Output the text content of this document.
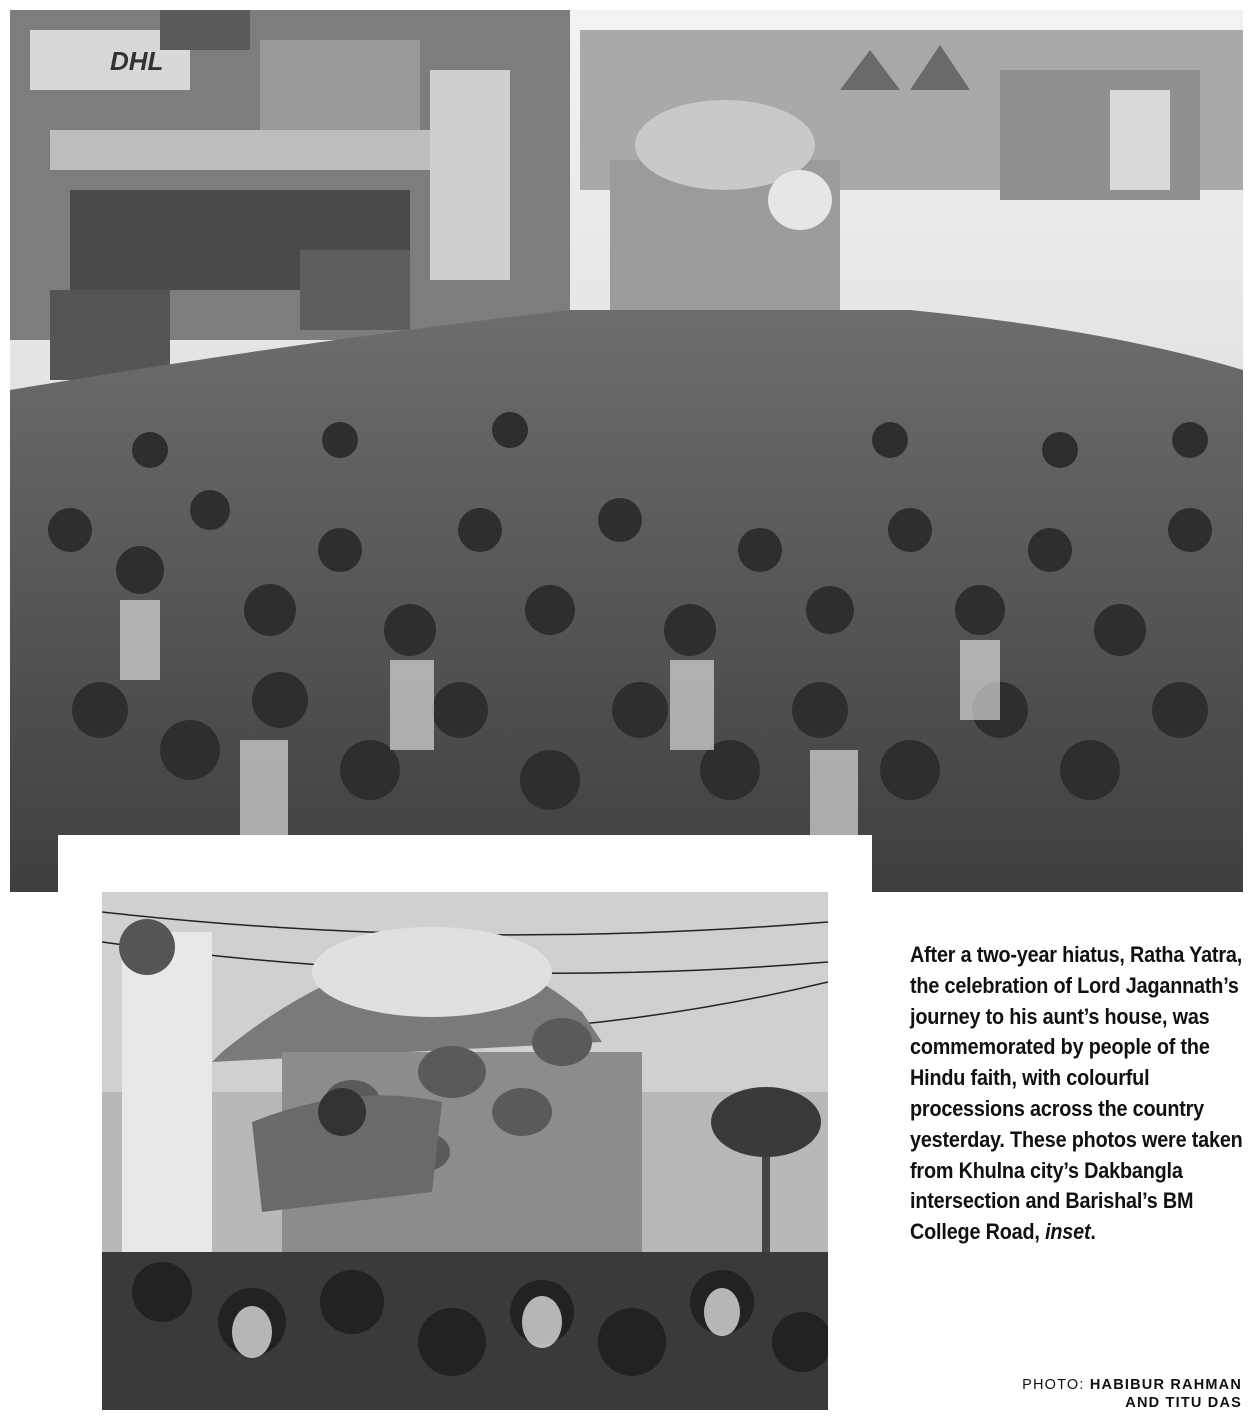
DHL
After a two-year hiatus, Ratha Yatra, the celebration of Lord Jagannath’s journey to his aunt’s house, was commemorated by people of the Hindu faith, with colourful processions across the country yesterday. These photos were taken from Khulna city’s Dakbangla intersection and Barishal’s BM College Road, inset.
PHOTO: HABIBUR RAHMAN
AND TITU DAS
